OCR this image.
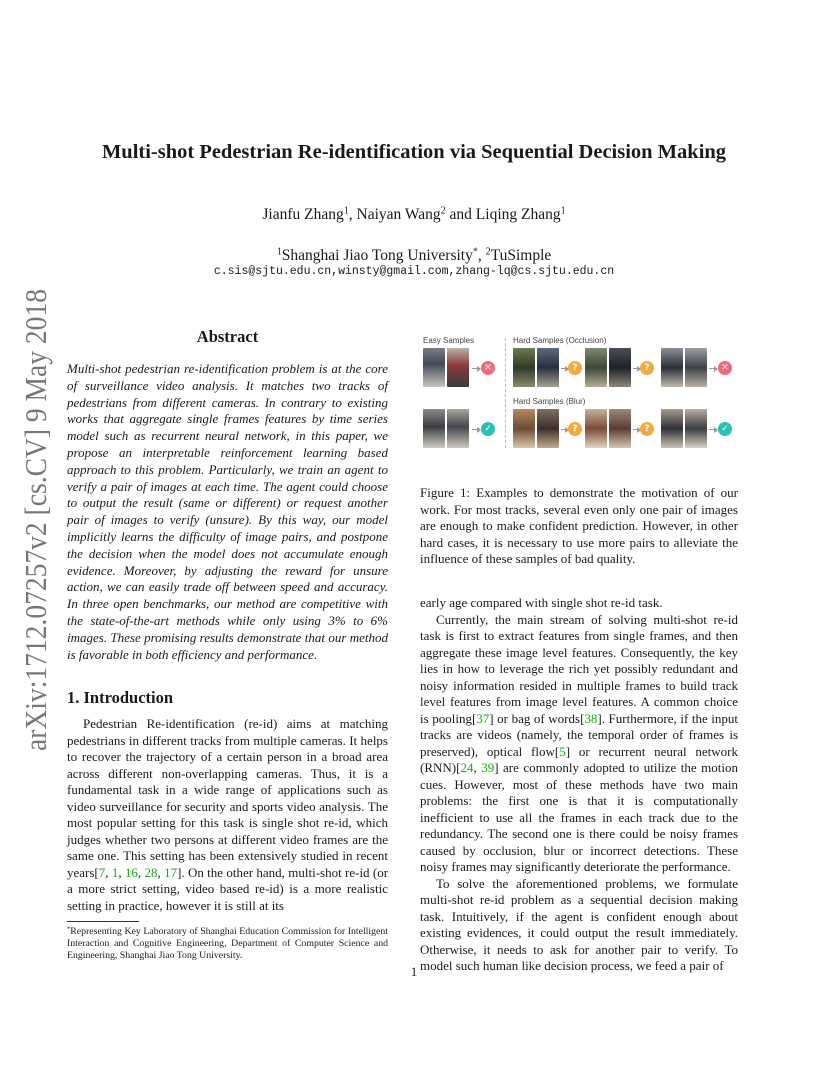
arXiv:1712.07257v2 [cs.CV] 9 May 2018
Multi-shot Pedestrian Re-identification via Sequential Decision Making
Jianfu Zhang$^1$, Naiyan Wang$^2$ and Liqing Zhang$^1$
$^1$Shanghai Jiao Tong University*, $^2$TuSimple
c.sis@sjtu.edu.cn,winsty@gmail.com,zhang-lq@cs.sjtu.edu.cn
Abstract
Multi-shot pedestrian re-identification problem is at the core of surveillance video analysis. It matches two tracks of pedestrians from different cameras. In contrary to existing works that aggregate single frames features by time series model such as recurrent neural network, in this paper, we propose an interpretable reinforcement learning based approach to this problem. Particularly, we train an agent to verify a pair of images at each time. The agent could choose to output the result (same or different) or request another pair of images to verify (unsure). By this way, our model implicitly learns the difficulty of image pairs, and postpone the decision when the model does not accumulate enough evidence. Moreover, by adjusting the reward for unsure action, we can easily trade off between speed and accuracy. In three open benchmarks, our method are competitive with the state-of-the-art methods while only using 3% to 6% images. These promising results demonstrate that our method is favorable in both efficiency and performance.
1. Introduction

Pedestrian Re-identification (re-id) aims at matching pedestrians in different tracks from multiple cameras. It helps to recover the trajectory of a certain person in a broad area across different non-overlapping cameras. Thus, it is a fundamental task in a wide range of applications such as video surveillance for security and sports video analysis. The most popular setting for this task is single shot re-id, which judges whether two persons at different video frames are the same one. This setting has been extensively studied in recent years[7, 1, 16, 28, 17]. On the other hand, multi-shot re-id (or a more strict setting, video based re-id) is a more realistic setting in practice, however it is still at its

*Representing Key Laboratory of Shanghai Education Commission for Intelligent Interaction and Cognitive Engineering, Department of Computer Science and Engineering, Shanghai Jiao Tong University.
Easy Samples	Hard Samples (Occlusion)
Hard Samples (Blur)
✕	?	?	✕
✓	?	?	✓
Figure 1: Examples to demonstrate the motivation of our work. For most tracks, several even only one pair of images are enough to make confident prediction. However, in other hard cases, it is necessary to use more pairs to alleviate the influence of these samples of bad quality.

early age compared with single shot re-id task.

Currently, the main stream of solving multi-shot re-id task is first to extract features from single frames, and then aggregate these image level features. Consequently, the key lies in how to leverage the rich yet possibly redundant and noisy information resided in multiple frames to build track level features from image level features. A common choice is pooling[37] or bag of words[38]. Furthermore, if the input tracks are videos (namely, the temporal order of frames is preserved), optical flow[5] or recurrent neural network (RNN)[24, 39] are commonly adopted to utilize the motion cues. However, most of these methods have two main problems: the first one is that it is computationally inefficient to use all the frames in each track due to the redundancy. The second one is there could be noisy frames caused by occlusion, blur or incorrect detections. These noisy frames may significantly deteriorate the performance.

To solve the aforementioned problems, we formulate multi-shot re-id problem as a sequential decision making task. Intuitively, if the agent is confident enough about existing evidences, it could output the result immediately. Otherwise, it needs to ask for another pair to verify. To model such human like decision process, we feed a pair of

1
